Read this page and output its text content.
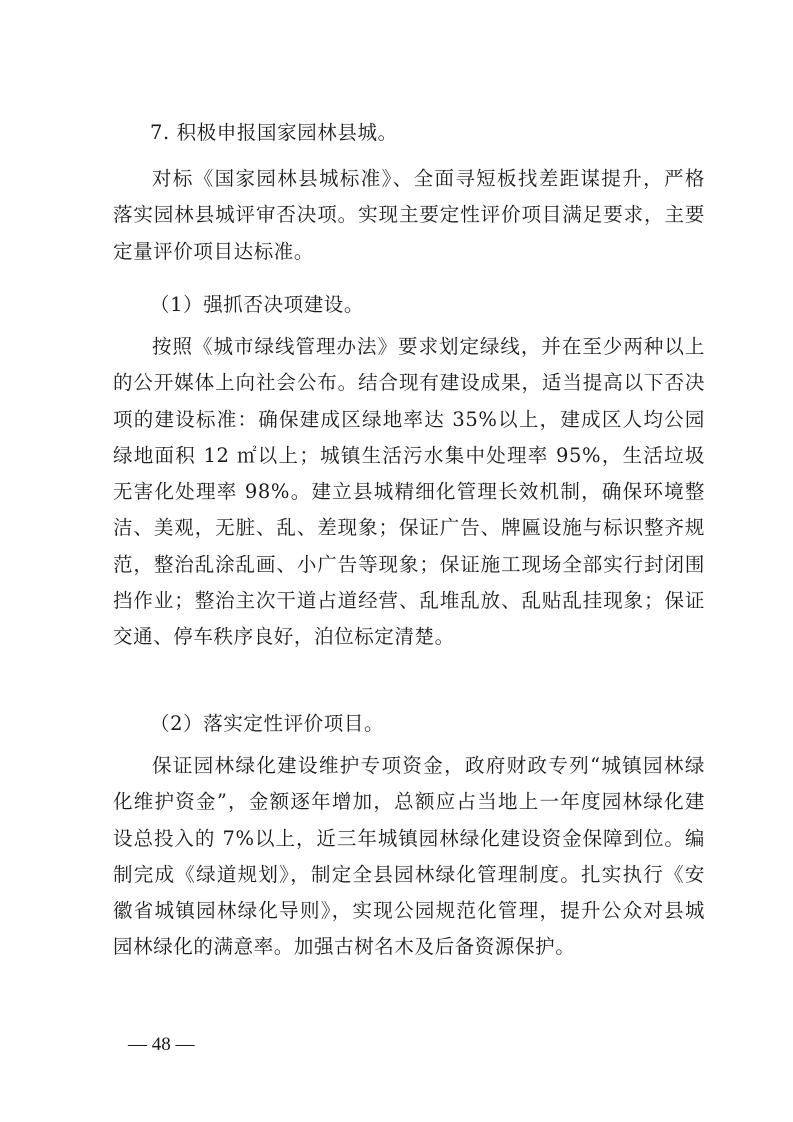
7. 积极申报国家园林县城。

对标《国家园林县城标准》、全面寻短板找差距谋提升，严格落实园林县城评审否决项。实现主要定性评价项目满足要求，主要定量评价项目达标准。

（1）强抓否决项建设。

按照《城市绿线管理办法》要求划定绿线，并在至少两种以上的公开媒体上向社会公布。结合现有建设成果，适当提高以下否决项的建设标准：确保建成区绿地率达 35%以上，建成区人均公园绿地面积 12 ㎡以上；城镇生活污水集中处理率 95%，生活垃圾无害化处理率 98%。建立县城精细化管理长效机制，确保环境整洁、美观，无脏、乱、差现象；保证广告、牌匾设施与标识整齐规范，整治乱涂乱画、小广告等现象；保证施工现场全部实行封闭围挡作业；整治主次干道占道经营、乱堆乱放、乱贴乱挂现象；保证交通、停车秩序良好，泊位标定清楚。

（2）落实定性评价项目。

保证园林绿化建设维护专项资金，政府财政专列“城镇园林绿化维护资金”，金额逐年增加，总额应占当地上一年度园林绿化建设总投入的 7%以上，近三年城镇园林绿化建设资金保障到位。编制完成《绿道规划》，制定全县园林绿化管理制度。扎实执行《安徽省城镇园林绿化导则》，实现公园规范化管理，提升公众对县城园林绿化的满意率。加强古树名木及后备资源保护。

— 48 —
